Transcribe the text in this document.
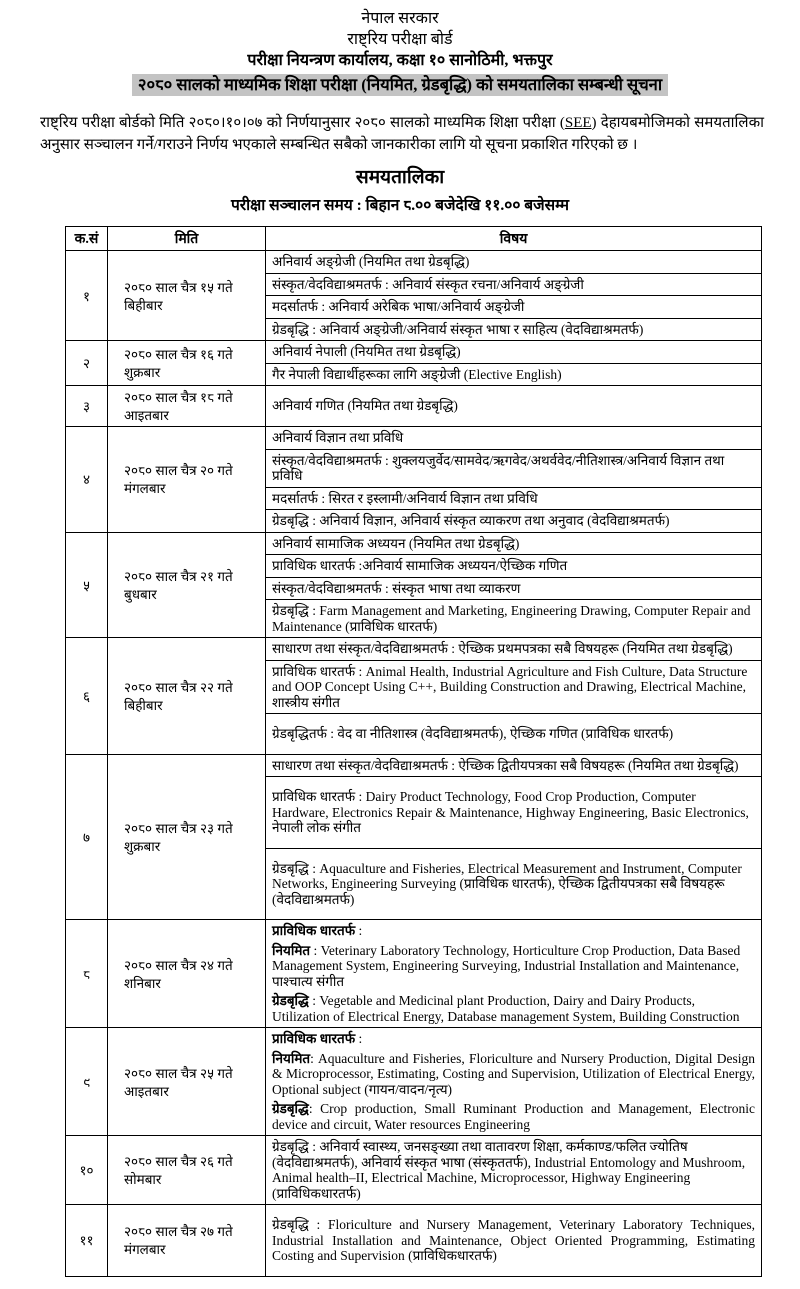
नेपाल सरकार
राष्ट्रिय परीक्षा बोर्ड
परीक्षा नियन्त्रण कार्यालय, कक्षा १० सानोठिमी, भक्तपुर
२०८० सालको माध्यमिक शिक्षा परीक्षा (नियमित, ग्रेडबृद्धि) को समयतालिका सम्बन्धी सूचना

राष्ट्रिय परीक्षा बोर्डको मिति २०८०।१०।०७ को निर्णयानुसार २०८० सालको माध्यमिक शिक्षा परीक्षा (SEE) देहायबमोजिमको समयतालिका अनुसार सञ्चालन गर्ने/गराउने निर्णय भएकाले सम्बन्धित सबैको जानकारीका लागि यो सूचना प्रकाशित गरिएको छ ।

समयतालिका
परीक्षा सञ्चालन समय : बिहान ८.०० बजेदेखि ११.०० बजेसम्म
क.सं	मिति	विषय
१	२०८० साल चैत्र १५ गते बिहीबार	अनिवार्य अङ्ग्रेजी (नियमित तथा ग्रेडबृद्धि)

		संस्कृत/वेदविद्याश्रमतर्फ : अनिवार्य संस्कृत रचना/अनिवार्य अङ्ग्रेजी

		मदर्सातर्फ : अनिवार्य अरेबिक भाषा/अनिवार्य अङ्ग्रेजी

		ग्रेडबृद्धि : अनिवार्य अङ्ग्रेजी/अनिवार्य संस्कृत भाषा र साहित्य (वेदविद्याश्रमतर्फ)

२	२०८० साल चैत्र १६ गते शुक्रबार	अनिवार्य नेपाली (नियमित तथा ग्रेडबृद्धि)

		गैर नेपाली विद्यार्थीहरूका लागि अङ्ग्रेजी (Elective English)

३	२०८० साल चैत्र १८ गते आइतबार	अनिवार्य गणित (नियमित तथा ग्रेडबृद्धि)

४	२०८० साल चैत्र २० गते मंगलबार	अनिवार्य विज्ञान तथा प्रविधि

		संस्कृत/वेदविद्याश्रमतर्फ : शुक्लयजुर्वेद/सामवेद/ऋगवेद/अथर्ववेद/नीतिशास्त्र/अनिवार्य विज्ञान तथा प्रविधि

		मदर्सातर्फ : सिरत र इस्लामी/अनिवार्य विज्ञान तथा प्रविधि

		ग्रेडबृद्धि : अनिवार्य विज्ञान, अनिवार्य संस्कृत व्याकरण तथा अनुवाद (वेदविद्याश्रमतर्फ)

५	२०८० साल चैत्र २१ गते बुधबार	अनिवार्य सामाजिक अध्ययन (नियमित तथा ग्रेडबृद्धि)

		प्राविधिक धारतर्फ :अनिवार्य सामाजिक अध्ययन/ऐच्छिक गणित

		संस्कृत/वेदविद्याश्रमतर्फ : संस्कृत भाषा तथा व्याकरण

		ग्रेडबृद्धि : Farm Management and Marketing, Engineering Drawing, Computer Repair and Maintenance (प्राविधिक धारतर्फ)

६	२०८० साल चैत्र २२ गते बिहीबार	साधारण तथा संस्कृत/वेदविद्याश्रमतर्फ : ऐच्छिक प्रथमपत्रका सबै विषयहरू (नियमित तथा ग्रेडबृद्धि)

		प्राविधिक धारतर्फ : Animal Health, Industrial Agriculture and Fish Culture, Data Structure and OOP Concept Using C++, Building Construction and Drawing, Electrical Machine, शास्त्रीय संगीत

		ग्रेडबृद्धितर्फ : वेद वा नीतिशास्त्र (वेदविद्याश्रमतर्फ), ऐच्छिक गणित (प्राविधिक धारतर्फ)

७	२०८० साल चैत्र २३ गते शुक्रबार	साधारण तथा संस्कृत/वेदविद्याश्रमतर्फ : ऐच्छिक द्वितीयपत्रका सबै विषयहरू (नियमित तथा ग्रेडबृद्धि)

		प्राविधिक धारतर्फ : Dairy Product Technology, Food Crop Production, Computer Hardware, Electronics Repair & Maintenance, Highway Engineering, Basic Electronics, नेपाली लोक संगीत

		ग्रेडबृद्धि : Aquaculture and Fisheries, Electrical Measurement and Instrument, Computer Networks, Engineering Surveying (प्राविधिक धारतर्फ), ऐच्छिक द्वितीयपत्रका सबै विषयहरू (वेदविद्याश्रमतर्फ)

८	२०८० साल चैत्र २४ गते शनिबार	प्राविधिक धारतर्फ :
नियमित : Veterinary Laboratory Technology, Horticulture Crop Production, Data Based Management System, Engineering Surveying, Industrial Installation and Maintenance, पाश्चात्य संगीत
ग्रेडबृद्धि : Vegetable and Medicinal plant Production, Dairy and Dairy Products, Utilization of Electrical Energy, Database management System, Building Construction

९	२०८० साल चैत्र २५ गते आइतबार	प्राविधिक धारतर्फ :
नियमित: Aquaculture and Fisheries, Floriculture and Nursery Production, Digital Design & Microprocessor, Estimating, Costing and Supervision, Utilization of Electrical Energy, Optional subject (गायन/वादन/नृत्य)
ग्रेडबृद्धि: Crop production, Small Ruminant Production and Management, Electronic device and circuit, Water resources Engineering

१०	२०८० साल चैत्र २६ गते सोमबार	ग्रेडबृद्धि : अनिवार्य स्वास्थ्य, जनसङ्ख्या तथा वातावरण शिक्षा, कर्मकाण्ड/फलित ज्योतिष (वेदविद्याश्रमतर्फ), अनिवार्य संस्कृत भाषा (संस्कृततर्फ), Industrial Entomology and Mushroom, Animal health–II, Electrical Machine, Microprocessor, Highway Engineering (प्राविधिकधारतर्फ)

११	२०८० साल चैत्र २७ गते मंगलबार	ग्रेडबृद्धि : Floriculture and Nursery Management, Veterinary Laboratory Techniques, Industrial Installation and Maintenance, Object Oriented Programming, Estimating Costing and Supervision (प्राविधिकधारतर्फ)
